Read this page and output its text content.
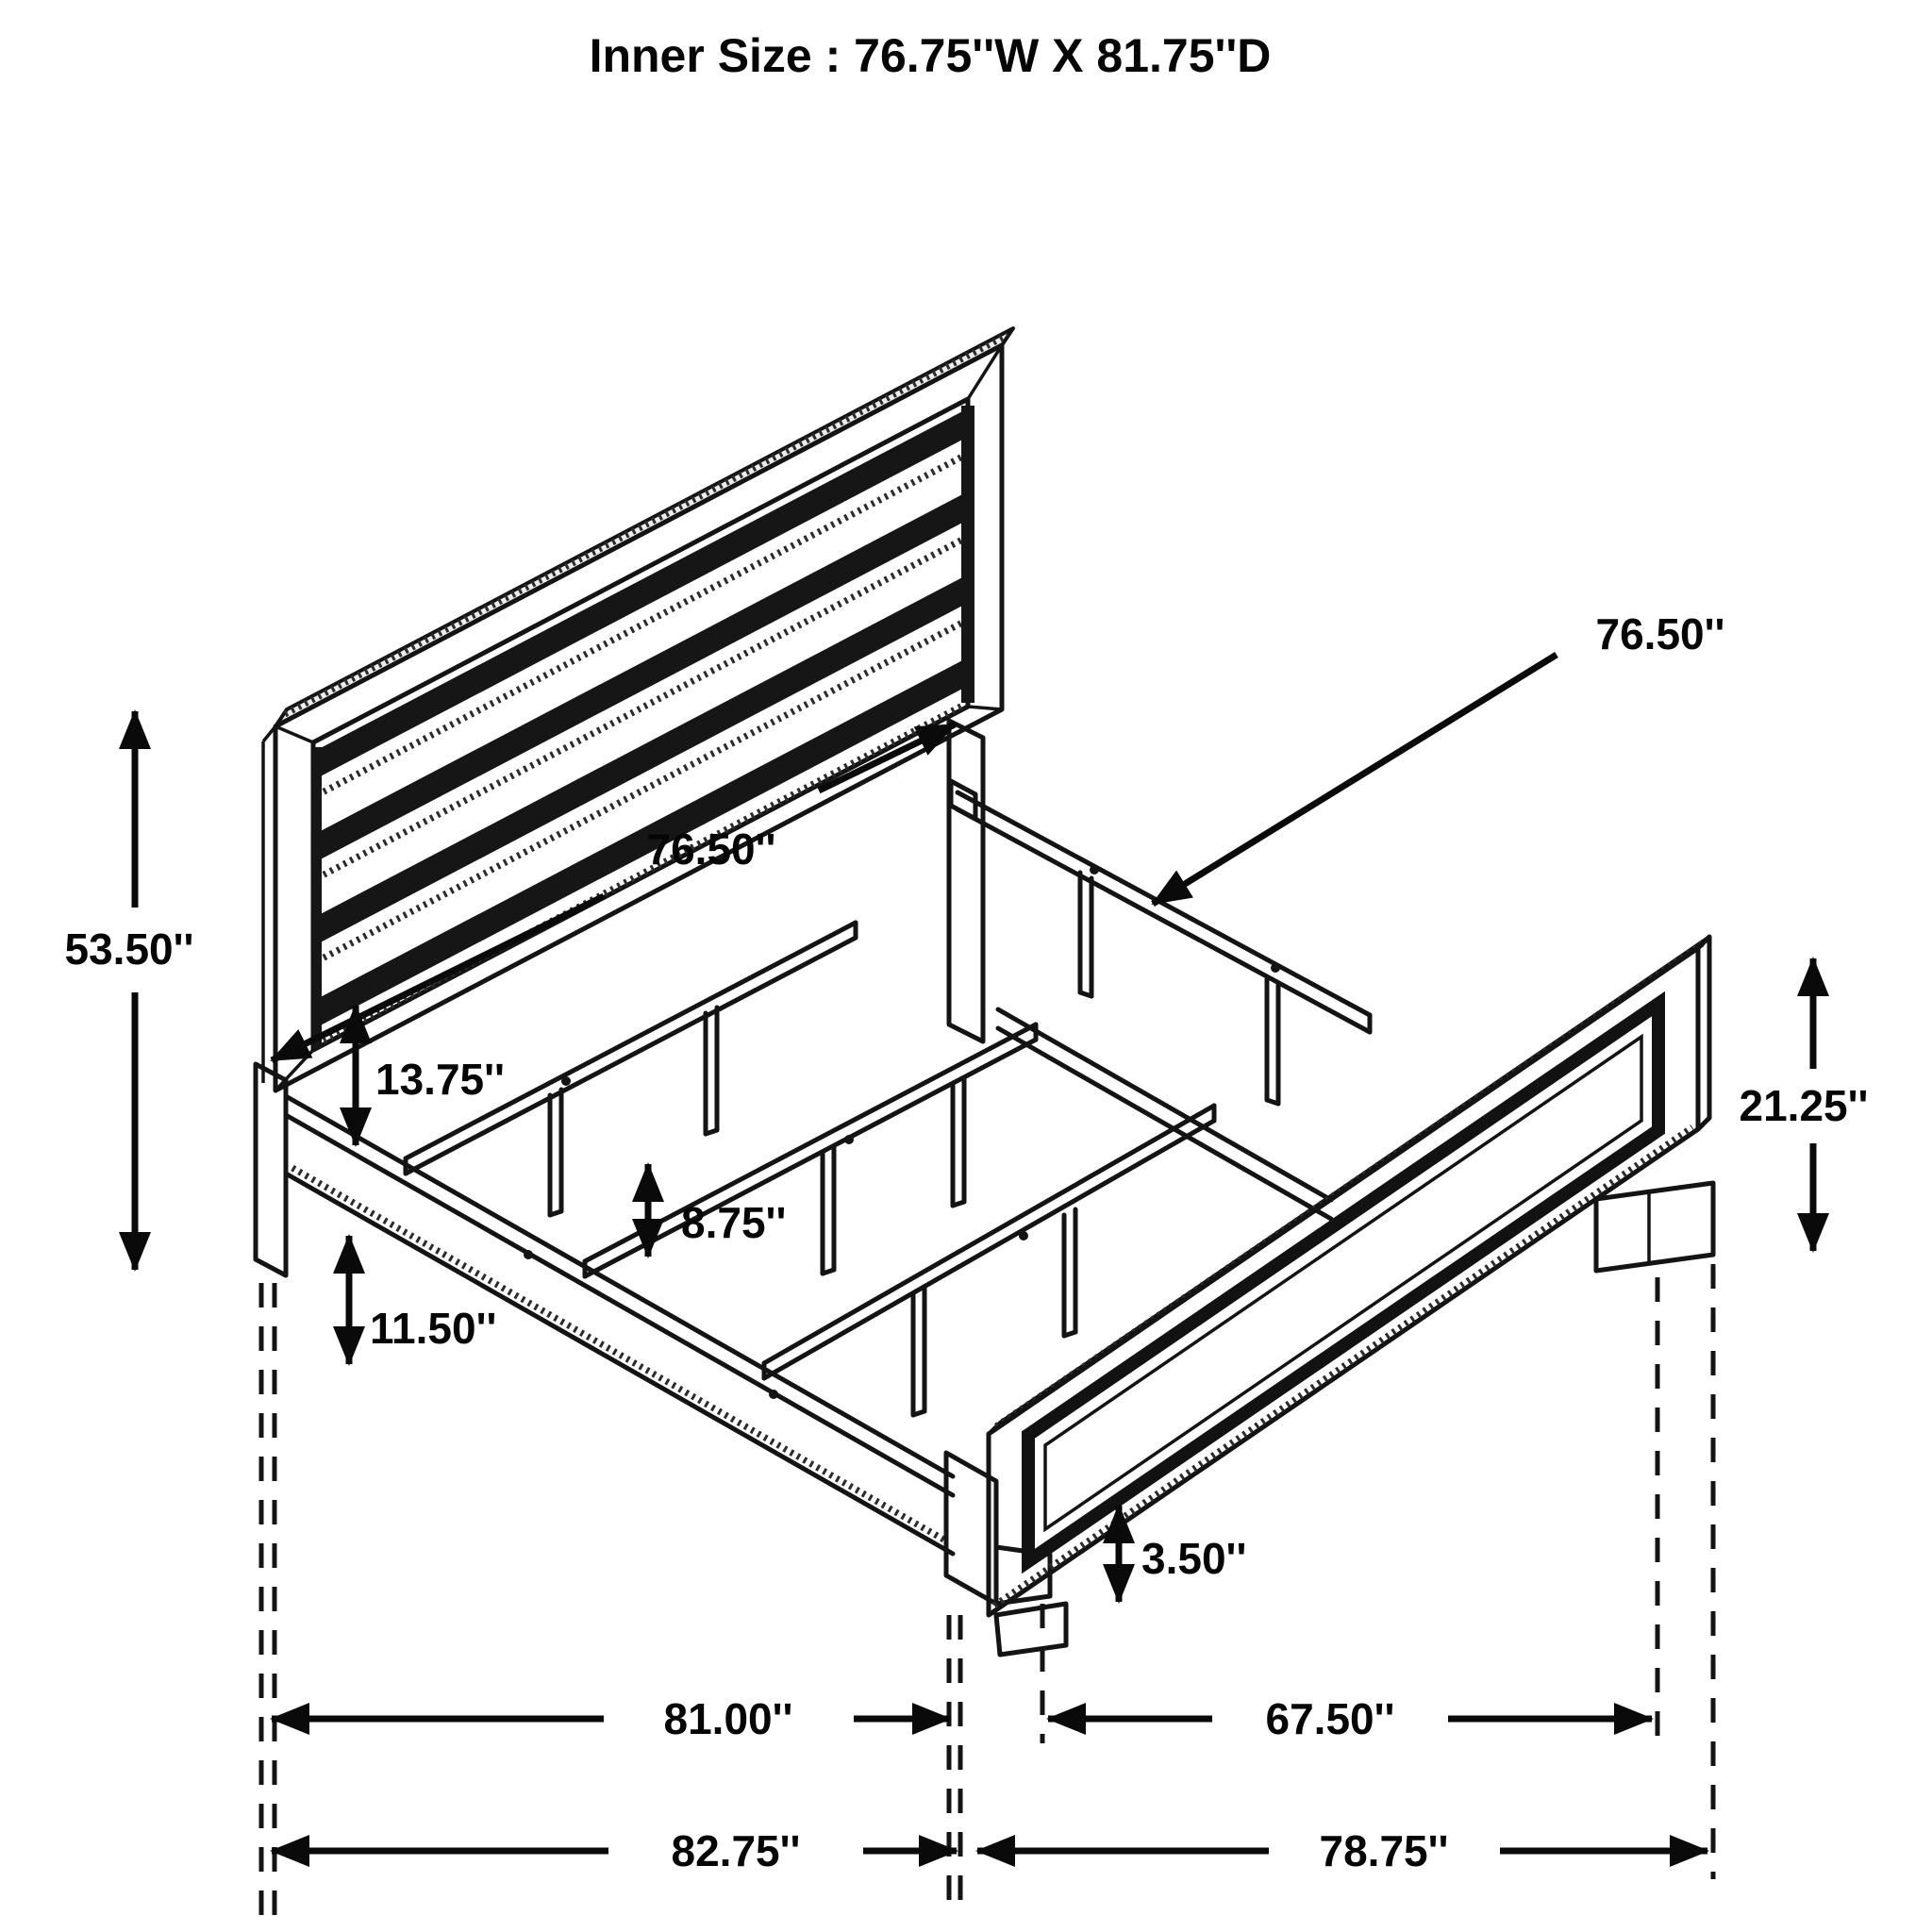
Inner Size : 76.75''W X 81.75''D
53.50''
13.75''
76.50''
76.50''
11.50''
8.75''
21.25''
3.50''
81.00''	67.50''
82.75''	78.75''
